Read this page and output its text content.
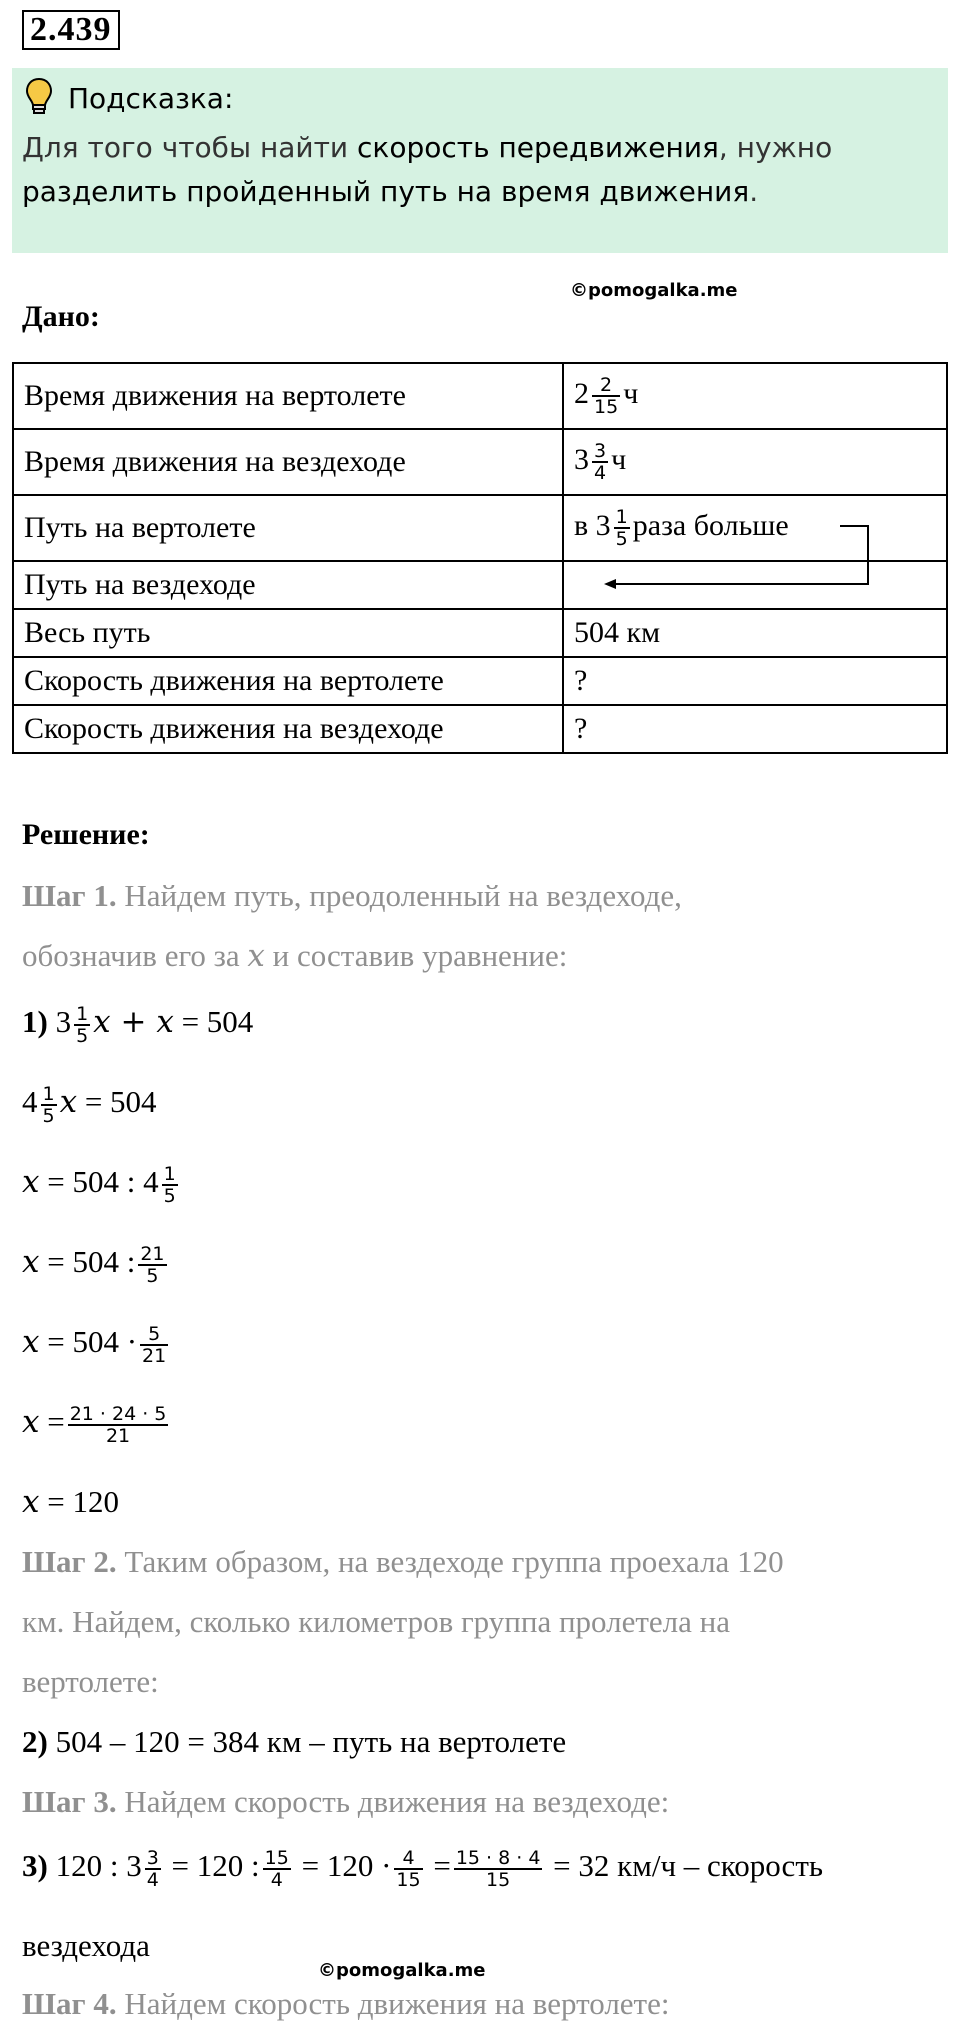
2.439
Подсказка:
Для того чтобы найти скорость передвижения, нужно
разделить пройденный путь на время движения.
©pomogalka.me
Дано:
Время движения на вертолете	$2 \frac{2}{15}$ ч
Время движения на вездеходе	$3 \frac{3}{4}$ ч
Путь на вертолете	в $3 \frac{1}{5}$ раза больше
Путь на вездеходе	
Весь путь	504 км
Скорость движения на вертолете	?
Скорость движения на вездеходе	?
Решение:
Шаг 1. Найдем путь, преодоленный на вездеходе,
обозначив его за x и составив уравнение:
1) $3 \frac{1}{5}$ x + x = 504
$4 \frac{1}{5}$ x = 504
x = 504 : $4 \frac{1}{5}$
x = 504 : $\frac{21}{5}$
$x = 504 \cdot \frac{5}{21}$
$x = \frac{21 \cdot 24 \cdot 5}{21}$
x = 120
Шаг 2. Таким образом, на вездеходе группа проехала 120
км. Найдем, сколько километров группа пролетела на
вертолете:
2) 504 – 120 = 384 км – путь на вертолете
Шаг 3. Найдем скорость движения на вездеходе:
3) 120 : $3 \frac{3}{4} = 120$ : $\frac{15}{4} = 120 \cdot \frac{4}{15} = \frac{15 \cdot 8 \cdot 4}{15} = 32$ км/ч – скорость
вездехода
©pomogalka.me
Шаг 4. Найдем скорость движения на вертолете:
